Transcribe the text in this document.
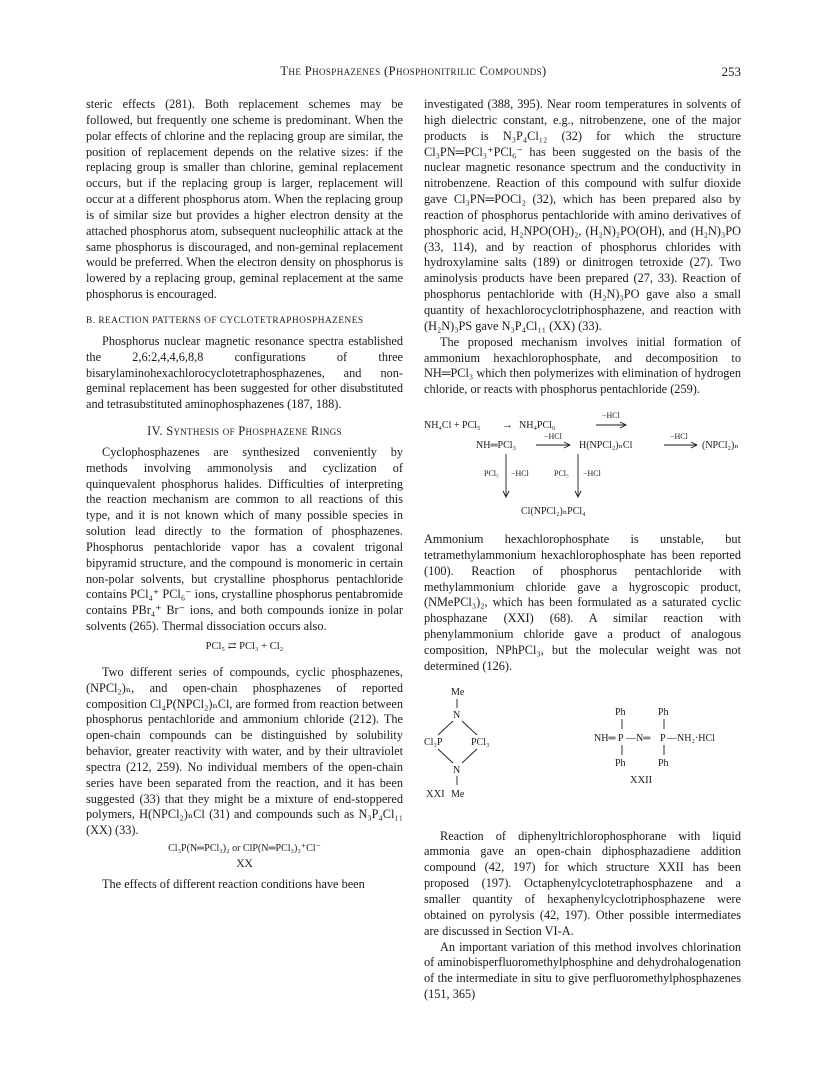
The Phosphazenes (Phosphonitrilic Compounds)	253

steric effects (281). Both replacement schemes may be followed, but frequently one scheme is predominant. When the polar effects of chlorine and the replacing group are similar, the position of replacement depends on the relative sizes: if the replacing group is smaller than chlorine, geminal replacement occurs, but if the replacing group is larger, replacement will occur at a different phosphorus atom. When the replacing group is of similar size but provides a higher electron density at the attached phosphorus atom, subsequent nucleophilic attack at the same phosphorus is discouraged, and non-geminal replacement would be preferred. When the electron density on phosphorus is lowered by a replacing group, geminal replacement at the same phosphorus is encouraged.

B. REACTION PATTERNS OF CYCLOTETRAPHOSPHAZENES

Phosphorus nuclear magnetic resonance spectra established the 2,6:2,4,4,6,8,8 configurations of three bisarylaminohexachlorocyclotetraphosphazenes, and non-geminal replacement has been suggested for other disubstituted and tetrasubstituted aminophosphazenes (187, 188).

IV. Synthesis of Phosphazene Rings

Cyclophosphazenes are synthesized conveniently by methods involving ammonolysis and cyclization of quinquevalent phosphorus halides. Difficulties of interpreting the reaction mechanism are common to all reactions of this type, and it is not known which of many possible species in solution lead directly to the formation of phosphazenes. Phosphorus pentachloride vapor has a covalent trigonal bipyramid structure, and the compound is monomeric in certain non-polar solvents, but crystalline phosphorus pentachloride contains PCl₄⁺ PCl₆⁻ ions, crystalline phosphorus pentabromide contains PBr₄⁺ Br⁻ ions, and both compounds ionize in polar solvents (265). Thermal dissociation occurs also.

PCl₅ ⇄ PCl₃ + Cl₂

Two different series of compounds, cyclic phosphazenes, (NPCl₂)ₙ, and open-chain phosphazenes of reported composition Cl₄P(NPCl₂)ₙCl, are formed from reaction between phosphorus pentachloride and ammonium chloride (212). The open-chain compounds can be distinguished by solubility behavior, greater reactivity with water, and by their ultraviolet spectra (212, 259). No individual members of the open-chain series have been separated from the reaction, and it has been suggested (33) that they might be a mixture of end-stoppered polymers, H(NPCl₂)ₙCl (31) and compounds such as N₃P₄Cl₁₁ (XX) (33).

Cl₃P(N═PCl₃)₂ or ClP(N═PCl₃)₃⁺Cl⁻
XX

The effects of different reaction conditions have been

investigated (388, 395). Near room temperatures in solvents of high dielectric constant, e.g., nitrobenzene, one of the major products is N₃P₄Cl₁₂ (32) for which the structure Cl₃PN═PCl₃⁺PCl₆⁻ has been suggested on the basis of the nuclear magnetic resonance spectrum and the conductivity in nitrobenzene. Reaction of this compound with sulfur dioxide gave Cl₃PN═POCl₂ (32), which has been prepared also by reaction of phosphorus pentachloride with amino derivatives of phosphoric acid, H₂NPO(OH)₂, (H₂N)₂PO(OH), and (H₂N)₃PO (33, 114), and by reaction of phosphorus chlorides with hydroxylamine salts (189) or dinitrogen tetroxide (27). Two aminolysis products have been prepared (27, 33). Reaction of phosphorus pentachloride with (H₂N)₃PO gave also a small quantity of hexachlorocyclotriphosphazene, and reaction with (H₂N)₃PS gave N₃P₄Cl₁₁ (XX) (33).

The proposed mechanism involves initial formation of ammonium hexachlorophosphate, and decomposition to NH═PCl₃ which then polymerizes with elimination of hydrogen chloride, or reacts with phosphorus pentachloride (259).

NH₄Cl + PCl₅ → NH₄PCl₆
−HCl
NH═PCl₃
−HCl
H(NPCl₂)ₙCl
−HCl
(NPCl₂)ₙ
PCl₅ −HCl	PCl₅ −HCl
Cl(NPCl₂)ₙPCl₄

Ammonium hexachlorophosphate is unstable, but tetramethylammonium hexachlorophosphate has been reported (100). Reaction of phosphorus pentachloride with methylammonium chloride gave a hygroscopic product, (NMePCl₃)₂, which has been formulated as a saturated cyclic phosphazane (XXI) (68). A similar reaction with phenylammonium chloride gave a product of analogous composition, NPhPCl₃, but the molecular weight was not determined (126).

Me
N
Cl₃P	PCl₃
N
Me
XXI
Ph	Ph
NH═ P —N═ P —NH₂·HCl
Ph	Ph
XXII

Reaction of diphenyltrichlorophosphorane with liquid ammonia gave an open-chain diphosphazadiene addition compound (42, 197) for which structure XXII has been proposed (197). Octaphenylcyclotetraphosphazene and a smaller quantity of hexaphenylcyclotriphosphazene were obtained on pyrolysis (42, 197). Other possible intermediates are discussed in Section VI-A.

An important variation of this method involves chlorination of aminobisperfluoromethylphosphine and dehydrohalogenation of the intermediate in situ to give perfluoromethylphosphazenes (151, 365)
